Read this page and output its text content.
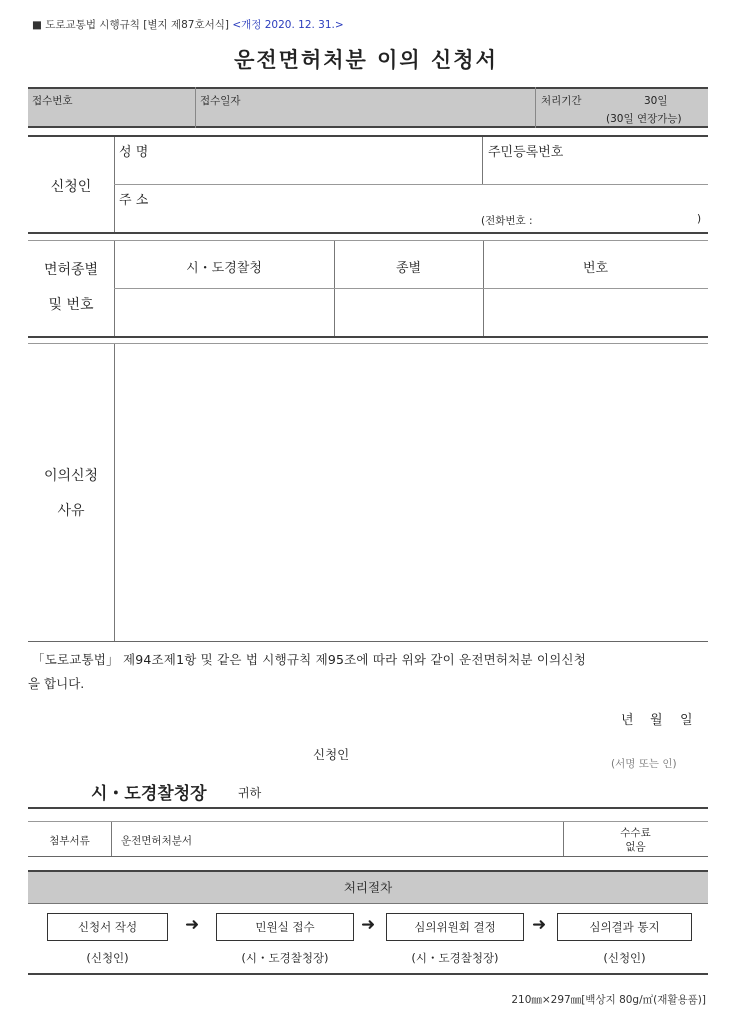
■ 도로교통법 시행규칙 [별지 제87호서식] <개정 2020. 12. 31.>
운전면허처분 이의 신청서
접수번호	접수일자	처리기간	30일
(30일 연장가능)
신청인
성 명	주민등록번호
주 소
(전화번호 :	)
면허종별
및 번호
시・도경찰청	종별	번호
이의신청
사유
「도로교통법」 제94조제1항 및 같은 법 시행규칙 제95조에 따라 위와 같이 운전면허처분 이의신청
을 합니다.
년 월 일
신청인
(서명 또는 인)
시・도경찰청장	귀하
첨부서류	운전면허처분서
수수료
없음
처리절차
신청서 작성	➜	민원실 접수	➜	심의위원회 결정	➜	심의결과 통지
(신청인)	(시・도경찰청장)	(시・도경찰청장)	(신청인)
210㎜×297㎜[백상지 80g/㎡(재활용품)]
